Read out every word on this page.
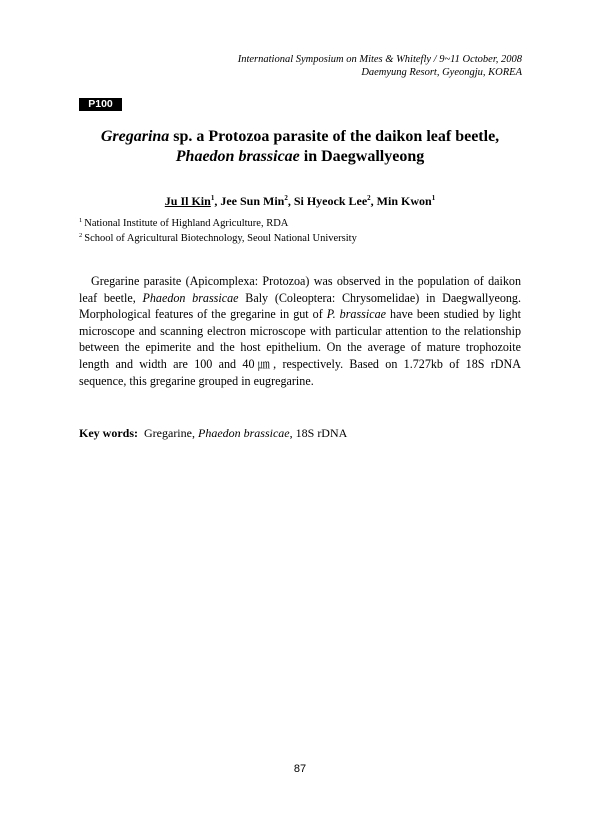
International Symposium on Mites & Whitefly / 9~11 October, 2008
Daemyung Resort, Gyeongju, KOREA
P100
Gregarina sp. a Protozoa parasite of the daikon leaf beetle,
Phaedon brassicae in Daegwallyeong
Ju Il Kin$^1$, Jee Sun Min$^2$, Si Hyeock Lee$^2$, Min Kwon$^1$
$^1$ National Institute of Highland Agriculture, RDA
$^2$ School of Agricultural Biotechnology, Seoul National University

Gregarine parasite (Apicomplexa: Protozoa) was observed in the population of daikon leaf beetle, Phaedon brassicae Baly (Coleoptera: Chrysomelidae) in Daegwallyeong. Morphological features of the gregarine in gut of P. brassicae have been studied by light microscope and scanning electron microscope with particular attention to the relationship between the epimerite and the host epithelium. On the average of mature trophozoite length and width are 100 and 40㎛, respectively. Based on 1.727kb of 18S rDNA sequence, this gregarine grouped in eugregarine.

Key words: Gregarine, Phaedon brassicae, 18S rDNA
87
